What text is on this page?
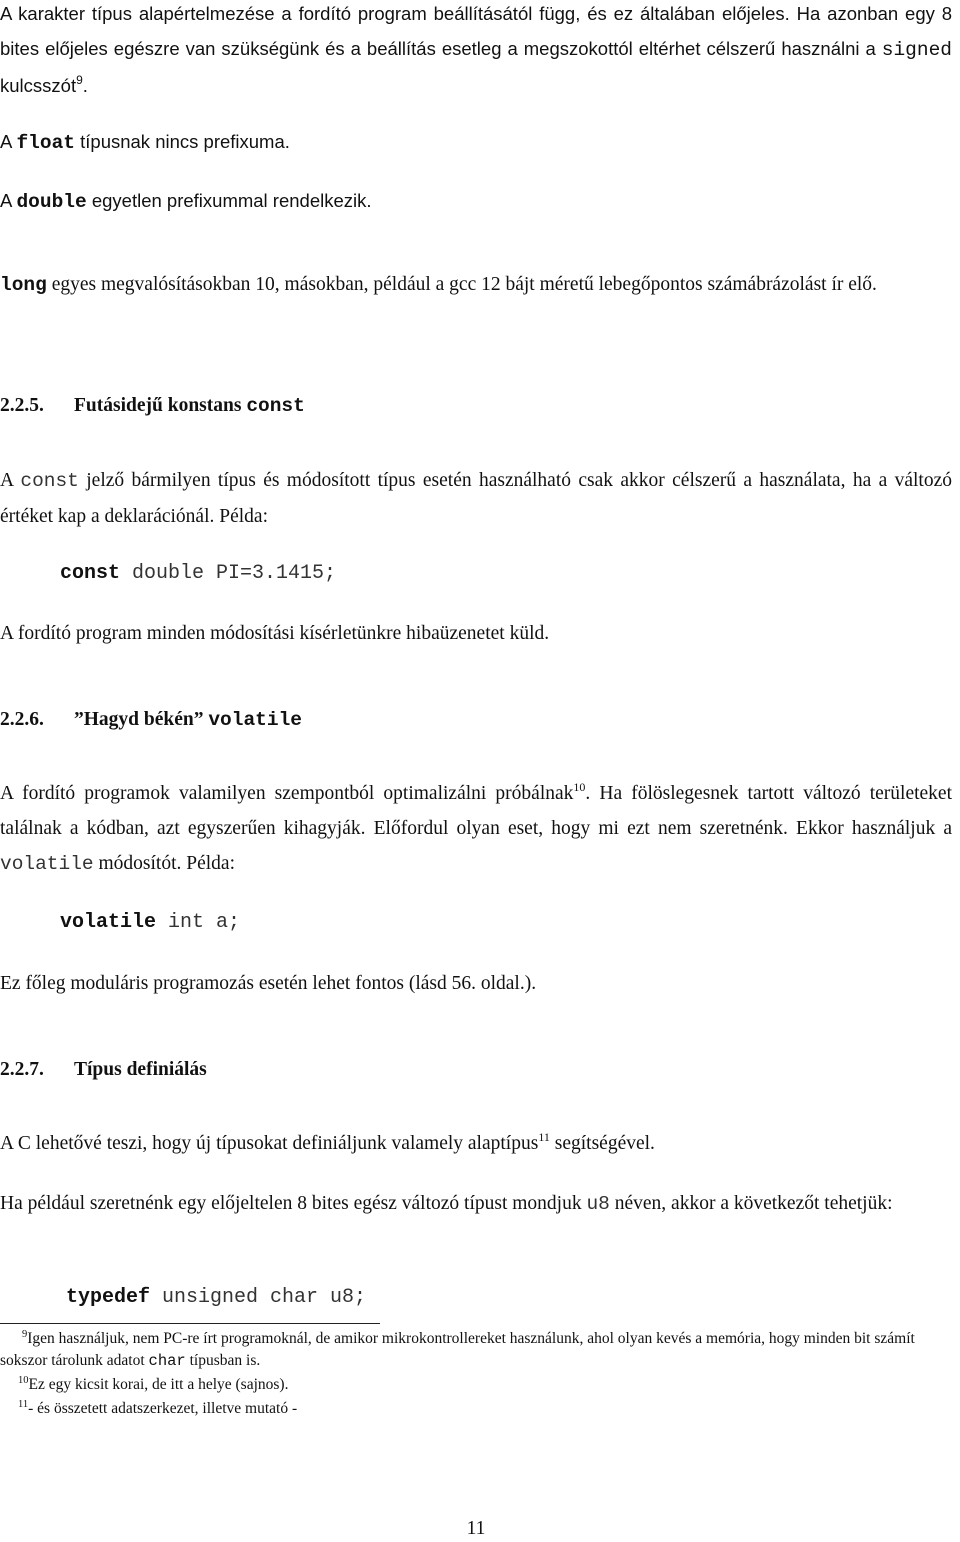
A karakter típus alapértelmezése a fordító program beállításától függ, és ez általában előjeles. Ha azonban egy 8 bites előjeles egészre van szükségünk és a beállítás esetleg a megszokottól eltérhet célszerű használni a signed kulcsszót$^9$.
A float típusnak nincs prefixuma.
A double egyetlen prefixummal rendelkezik.
long egyes megvalósításokban 10, másokban, például a gcc 12 bájt méretű lebegőpontos számábrázolást ír elő.
2.2.5. Futásidejű konstans const
A const jelző bármilyen típus és módosított típus esetén használható csak akkor célszerű a használata, ha a változó értéket kap a deklarációnál. Példa:
const double PI=3.1415;
A fordító program minden módosítási kísérletünkre hibaüzenetet küld.
2.2.6. ”Hagyd békén” volatile
A fordító programok valamilyen szempontból optimalizálni próbálnak$^{10}$. Ha fölöslegesnek tartott változó területeket találnak a kódban, azt egyszerűen kihagyják. Előfordul olyan eset, hogy mi ezt nem szeretnénk. Ekkor használjuk a volatile módosítót. Példa:
volatile int a;
Ez főleg moduláris programozás esetén lehet fontos (lásd 56. oldal.).
2.2.7. Típus definiálás
A C lehetővé teszi, hogy új típusokat definiáljunk valamely alaptípus$^{11}$ segítségével.
Ha például szeretnénk egy előjeltelen 8 bites egész változó típust mondjuk u8 néven, akkor a következőt tehetjük:
typedef unsigned char u8;
$^9$Igen használjuk, nem PC-re írt programoknál, de amikor mikrokontrollereket használunk, ahol olyan kevés a memória, hogy minden bit számít sokszor tárolunk adatot char típusban is.
$^{10}$Ez egy kicsit korai, de itt a helye (sajnos).
$^{11}$- és összetett adatszerkezet, illetve mutató -
11
